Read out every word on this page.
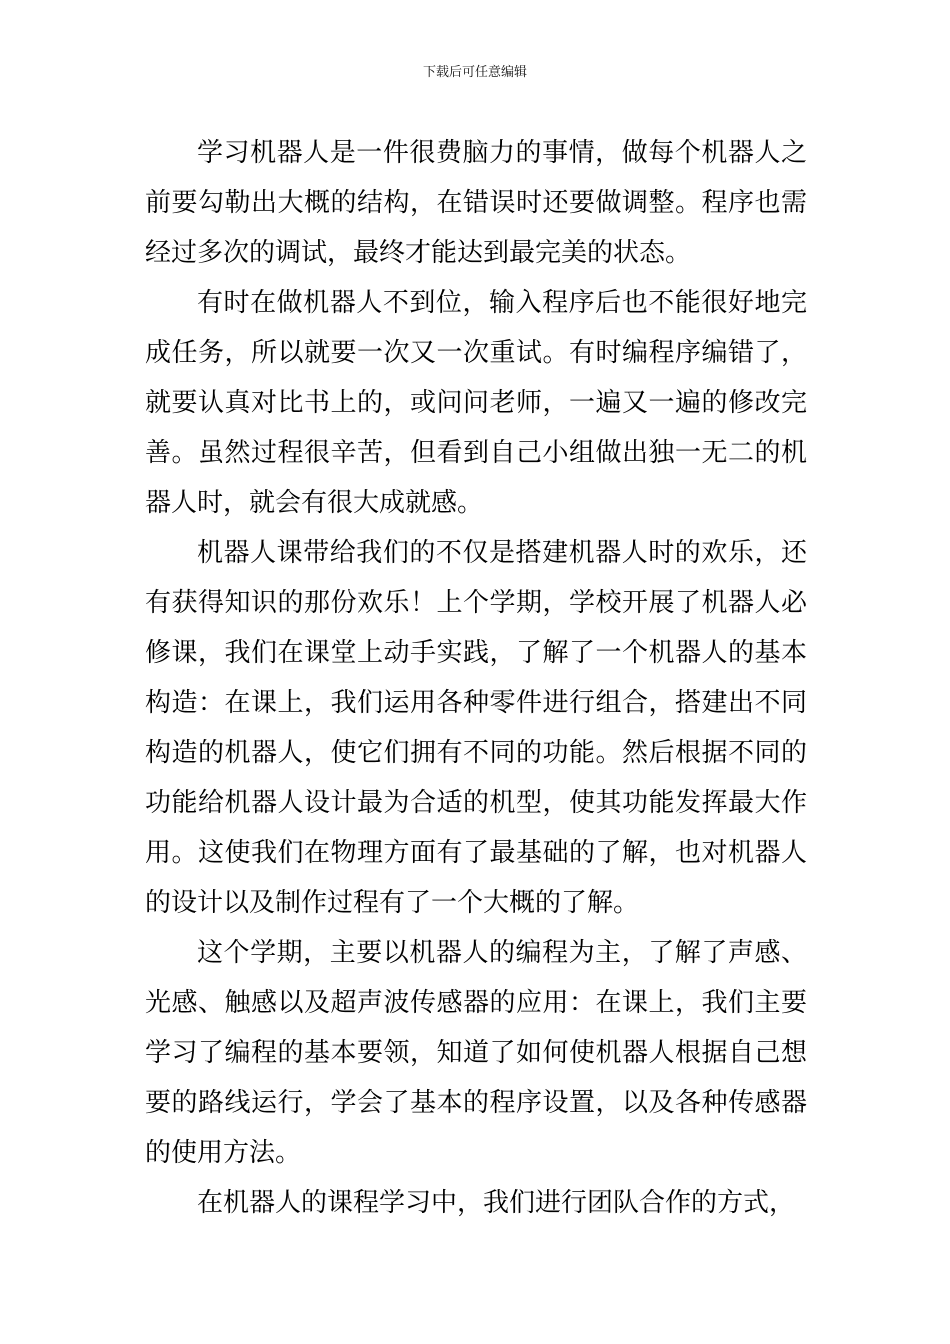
下载后可任意编辑

学习机器人是一件很费脑力的事情，做每个机器人之前要勾勒出大概的结构，在错误时还要做调整。程序也需经过多次的调试，最终才能达到最完美的状态。

有时在做机器人不到位，输入程序后也不能很好地完成任务，所以就要一次又一次重试。有时编程序编错了，就要认真对比书上的，或问问老师，一遍又一遍的修改完善。虽然过程很辛苦，但看到自己小组做出独一无二的机器人时，就会有很大成就感。

机器人课带给我们的不仅是搭建机器人时的欢乐，还有获得知识的那份欢乐！上个学期，学校开展了机器人必修课，我们在课堂上动手实践，了解了一个机器人的基本构造：在课上，我们运用各种零件进行组合，搭建出不同构造的机器人，使它们拥有不同的功能。然后根据不同的功能给机器人设计最为合适的机型，使其功能发挥最大作用。这使我们在物理方面有了最基础的了解，也对机器人的设计以及制作过程有了一个大概的了解。

这个学期，主要以机器人的编程为主，了解了声感、光感、触感以及超声波传感器的应用：在课上，我们主要学习了编程的基本要领，知道了如何使机器人根据自己想要的路线运行，学会了基本的程序设置，以及各种传感器的使用方法。

在机器人的课程学习中，我们进行团队合作的方式，
